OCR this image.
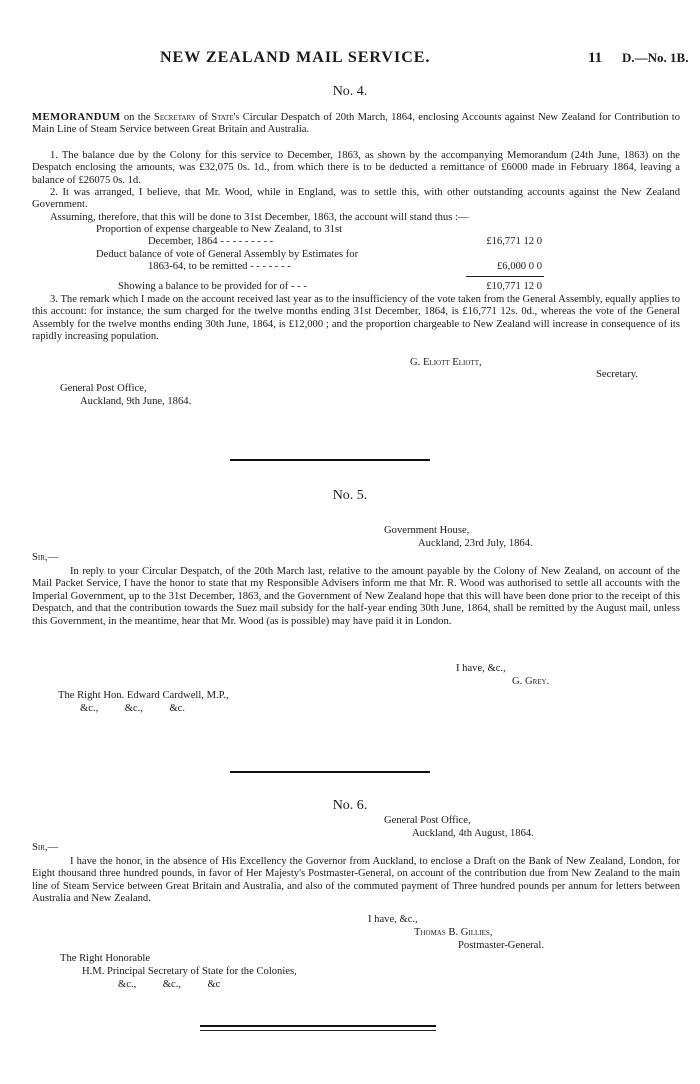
NEW ZEALAND MAIL SERVICE.	11 D.—No. 1B.
No. 4.
MEMORANDUM on the Secretary of State's Circular Despatch of 20th March, 1864, enclosing Accounts against New Zealand for Contribution to Main Line of Steam Service between Great Britain and Australia.
1. The balance due by the Colony for this service to December, 1863, as shown by the accompanying Memorandum (24th June, 1863) on the Despatch enclosing the amounts, was £32,075 0s. 1d., from which there is to be deducted a remittance of £6000 made in February 1864, leaving a balance of £26075 0s. 1d.
2. It was arranged, I believe, that Mr. Wood, while in England, was to settle this, with other outstanding accounts against the New Zealand Government.
Assuming, therefore, that this will be done to 31st December, 1863, the account will stand thus :—
Proportion of expense chargeable to New Zealand, to 31st
December, 1864 - - - - - - - - -	£16,771 12 0
Deduct balance of vote of General Assembly by Estimates for
1863-64, to be remitted - - - - - - -	£6,000 0 0
Showing a balance to be provided for of - - -	£10,771 12 0
3. The remark which I made on the account received last year as to the insufficiency of the vote taken from the General Assembly, equally applies to this account: for instance, the sum charged for the twelve months ending 31st December, 1864, is £16,771 12s. 0d., whereas the vote of the General Assembly for the twelve months ending 30th June, 1864, is £12,000 ; and the proportion chargeable to New Zealand will increase in consequence of its rapidly increasing population.
G. Eliott Eliott,
Secretary.
General Post Office,
Auckland, 9th June, 1864.
No. 5.
Government House,
Auckland, 23rd July, 1864.
Sir,—
In reply to your Circular Despatch, of the 20th March last, relative to the amount payable by the Colony of New Zealand, on account of the Mail Packet Service, I have the honor to state that my Responsible Advisers inform me that Mr. R. Wood was authorised to settle all accounts with the Imperial Government, up to the 31st December, 1863, and the Government of New Zealand hope that this will have been done prior to the receipt of this Despatch, and that the contribution towards the Suez mail subsidy for the half-year ending 30th June, 1864, shall be remitted by the August mail, unless this Government, in the meantime, hear that Mr. Wood (as is possible) may have paid it in London.
I have, &c.,
G. Grey.
The Right Hon. Edward Cardwell, M.P.,
&c.,          &c.,          &c.
No. 6.
General Post Office,
Auckland, 4th August, 1864.
Sir,—
I have the honor, in the absence of His Excellency the Governor from Auckland, to enclose a Draft on the Bank of New Zealand, London, for Eight thousand three hundred pounds, in favor of Her Majesty's Postmaster-General, on account of the contribution due from New Zealand to the main line of Steam Service between Great Britain and Australia, and also of the commuted payment of Three hundred pounds per annum for letters between Australia and New Zealand.
I have, &c.,
Thomas B. Gillies,
Postmaster-General.
The Right Honorable
H.M. Principal Secretary of State for the Colonies,
&c.,          &c.,          &c
